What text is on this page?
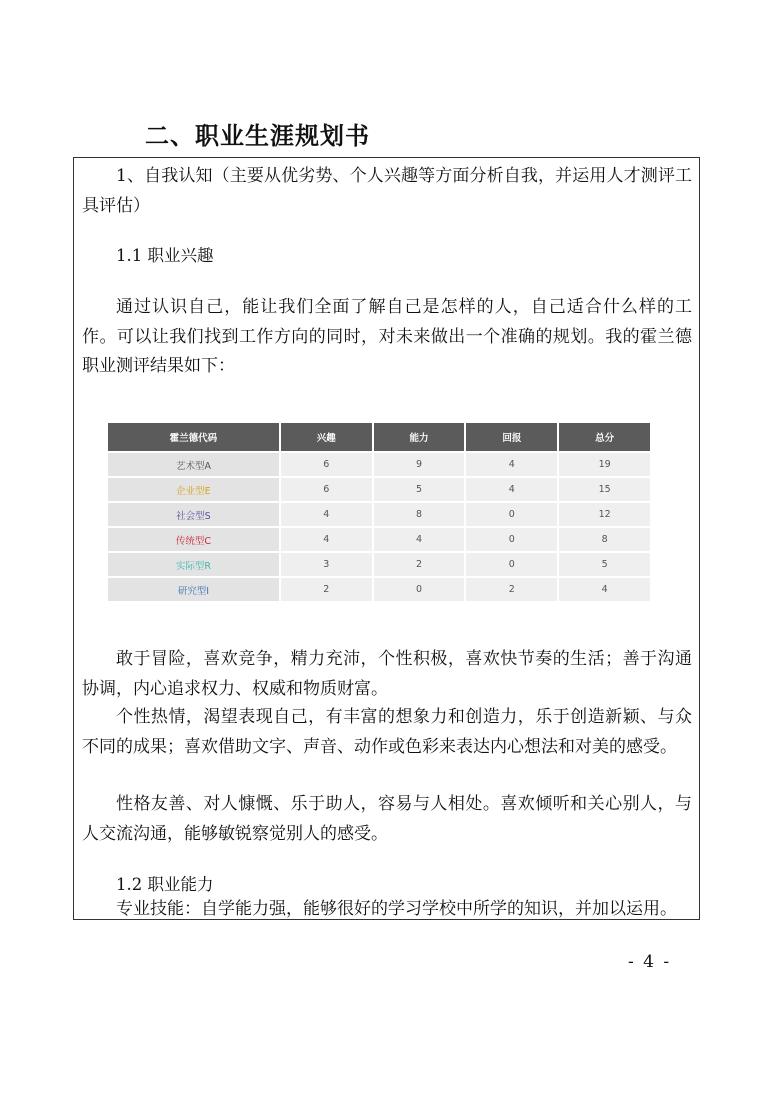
二、职业生涯规划书

1、自我认知（主要从优劣势、个人兴趣等方面分析自我，并运用人才测评工具评估）

1.1 职业兴趣

通过认识自己，能让我们全面了解自己是怎样的人，自己适合什么样的工作。可以让我们找到工作方向的同时，对未来做出一个准确的规划。我的霍兰德职业测评结果如下：

霍兰德代码	兴趣	能力	回报	总分
艺术型A	6	9	4	19
企业型E	6	5	4	15
社会型S	4	8	0	12
传统型C	4	4	0	8
实际型R	3	2	0	5
研究型I	2	0	2	4

敢于冒险，喜欢竞争，精力充沛，个性积极，喜欢快节奏的生活；善于沟通协调，内心追求权力、权威和物质财富。

个性热情，渴望表现自己，有丰富的想象力和创造力，乐于创造新颖、与众不同的成果；喜欢借助文字、声音、动作或色彩来表达内心想法和对美的感受。

性格友善、对人慷慨、乐于助人，容易与人相处。喜欢倾听和关心别人，与人交流沟通，能够敏锐察觉别人的感受。

1.2 职业能力

专业技能：自学能力强，能够很好的学习学校中所学的知识，并加以运用。

- 4 -
